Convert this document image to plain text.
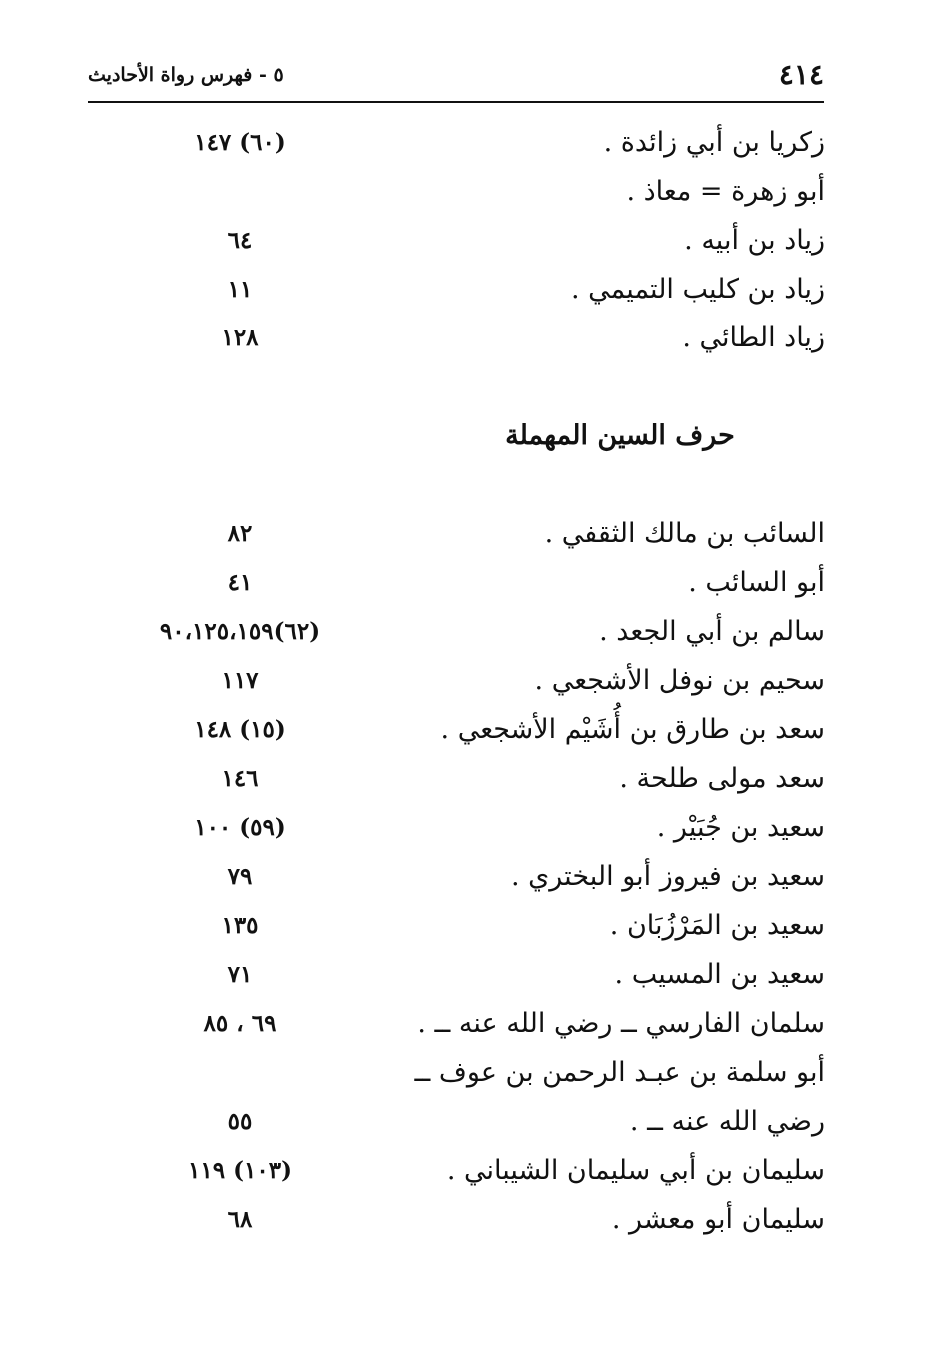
٥ - فهرس رواة الأحاديث	٤١٤
زكريا بن أبي زائدة .
(٦٠) ١٤٧
أبو زهرة = معاذ .
زياد بن أبيه .
٦٤
زياد بن كليب التميمي .
١١
زياد الطائي .
١٢٨
السائب بن مالك الثقفي .
٨٢
أبو السائب .
٤١
سالم بن أبي الجعد .
(٦٢)٩٠،١٢٥،١٥٩
سحيم بن نوفل الأشجعي .
١١٧
سعد بن طارق بن أُشَيْم الأشجعي .
(١٥) ١٤٨
سعد مولى طلحة .
١٤٦
سعيد بن جُبَيْر .
(٥٩) ١٠٠
سعيد بن فيروز أبو البختري .
٧٩
سعيد بن المَرْزُبَان .
١٣٥
سعيد بن المسيب .
٧١
سلمان الفارسي ــ رضي الله عنه ــ .
٦٩ ، ٨٥
أبو سلمة بن عبـد الرحمن بن عوف ــ
رضي الله عنه ــ .
٥٥
سليمان بن أبي سليمان الشيباني .
(١٠٣) ١١٩
سليمان أبو معشر .
٦٨
حرف السين المهملة
